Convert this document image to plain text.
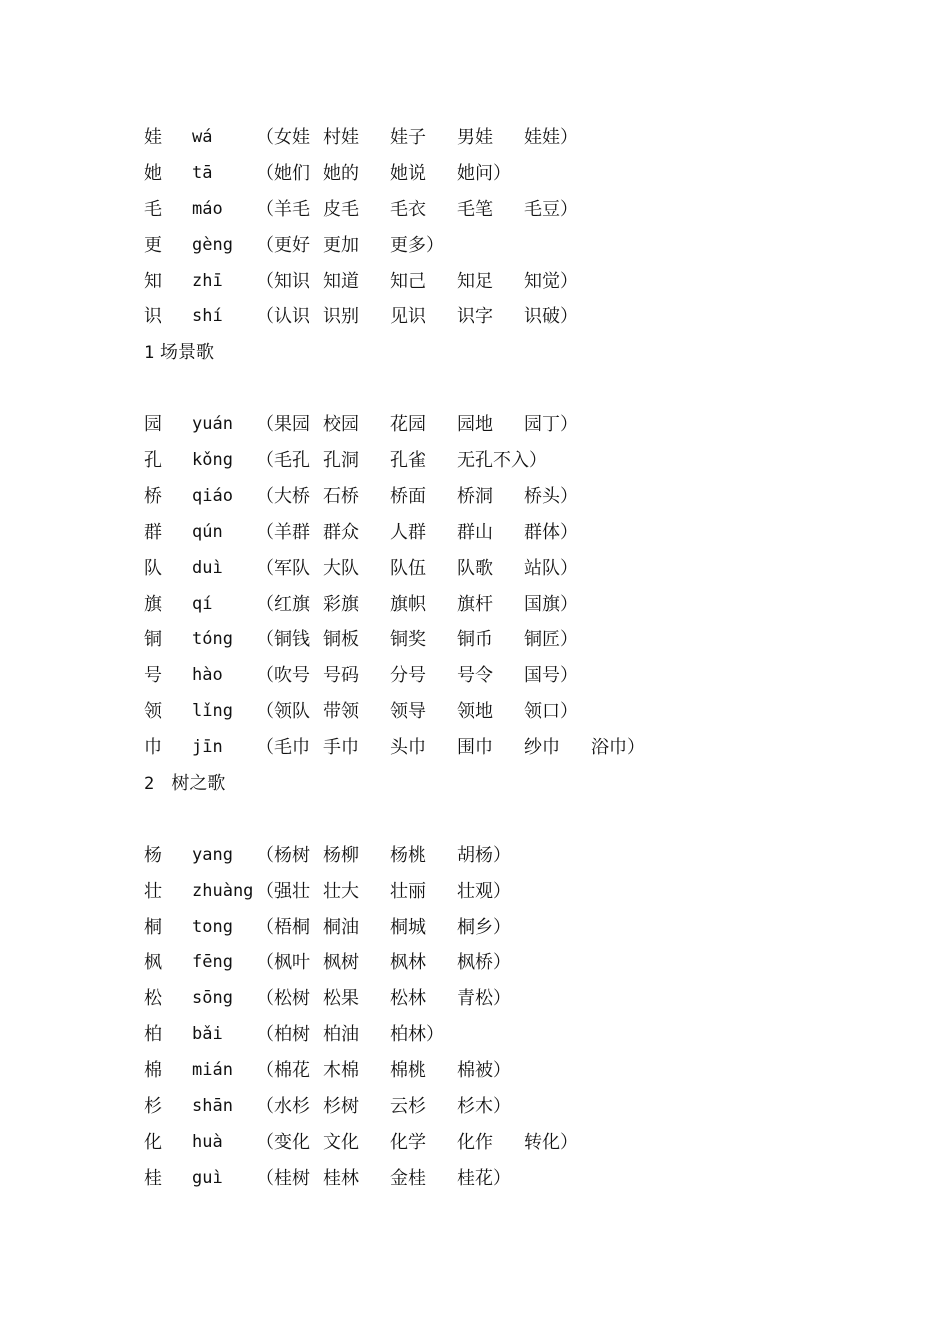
娃 wá （女娃 村娃 娃子 男娃 娃娃）
她 tā （她们 她的 她说 她问）
毛 máo （羊毛 皮毛 毛衣 毛笔 毛豆）
更 gèng （更好 更加 更多）
知 zhī （知识 知道 知己 知足 知觉）
识 shí （认识 识别 见识 识字 识破）
1 场景歌
园 yuán （果园 校园 花园 园地 园丁）
孔 kǒng （毛孔 孔洞 孔雀 无孔不入）
桥 qiáo （大桥 石桥 桥面 桥洞 桥头）
群 qún （羊群 群众 人群 群山 群体）
队 duì （军队 大队 队伍 队歌 站队）
旗 qí （红旗 彩旗 旗帜 旗杆 国旗）
铜 tóng （铜钱 铜板 铜奖 铜币 铜匠）
号 hào （吹号 号码 分号 号令 国号）
领 lǐng （领队 带领 领导 领地 领口）
巾 jīn （毛巾 手巾 头巾 围巾 纱巾 浴巾）
2 树之歌
杨 yang （杨树 杨柳 杨桃 胡杨）
壮 zhuàng （强壮 壮大 壮丽 壮观）
桐 tong （梧桐 桐油 桐城 桐乡）
枫 fēng （枫叶 枫树 枫林 枫桥）
松 sōng （松树 松果 松林 青松）
柏 bǎi （柏树 柏油 柏林）
棉 mián （棉花 木棉 棉桃 棉被）
杉 shān （水杉 杉树 云杉 杉木）
化 huà （变化 文化 化学 化作 转化）
桂 guì （桂树 桂林 金桂 桂花）
